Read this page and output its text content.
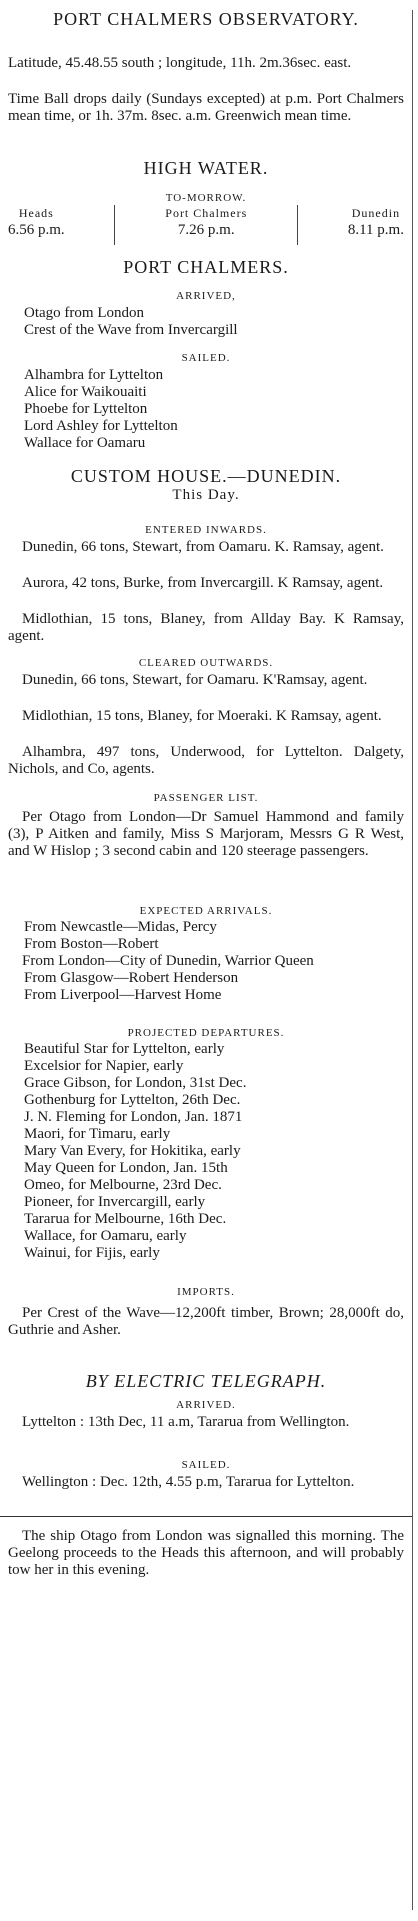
PORT CHALMERS OBSERVATORY.
Latitude, 45.48.55 south ; longitude, 11h. 2m.36sec. east.
Time Ball drops daily (Sundays excepted) at p.m. Port Chalmers mean time, or 1h. 37m. 8sec. a.m. Greenwich mean time.
HIGH WATER.
TO-MORROW.
Heads
6.56 p.m.
Port Chalmers
7.26 p.m.
Dunedin
8.11 p.m.
PORT CHALMERS.
ARRIVED,
Otago from London
Crest of the Wave from Invercargill
SAILED.
Alhambra for Lyttelton
Alice for Waikouaiti
Phoebe for Lyttelton
Lord Ashley for Lyttelton
Wallace for Oamaru
CUSTOM HOUSE.—DUNEDIN.
This Day.
ENTERED INWARDS.
Dunedin, 66 tons, Stewart, from Oamaru. K. Ramsay, agent.
Aurora, 42 tons, Burke, from Invercargill. K Ramsay, agent.
Midlothian, 15 tons, Blaney, from Allday Bay. K Ramsay, agent.
CLEARED OUTWARDS.
Dunedin, 66 tons, Stewart, for Oamaru. K'Ramsay, agent.
Midlothian, 15 tons, Blaney, for Moeraki. K Ramsay, agent.
Alhambra, 497 tons, Underwood, for Lyttelton. Dalgety, Nichols, and Co, agents.
PASSENGER LIST.
Per Otago from London—Dr Samuel Hammond and family (3), P Aitken and family, Miss S Marjoram, Messrs G R West, and W Hislop ; 3 second cabin and 120 steerage passengers.
EXPECTED ARRIVALS.
From Newcastle—Midas, Percy
From Boston—Robert
From London—City of Dunedin, Warrior Queen
From Glasgow—Robert Henderson
From Liverpool—Harvest Home
PROJECTED DEPARTURES.
Beautiful Star for Lyttelton, early
Excelsior for Napier, early
Grace Gibson, for London, 31st Dec.
Gothenburg for Lyttelton, 26th Dec.
J. N. Fleming for London, Jan. 1871
Maori, for Timaru, early
Mary Van Every, for Hokitika, early
May Queen for London, Jan. 15th
Omeo, for Melbourne, 23rd Dec.
Pioneer, for Invercargill, early
Tararua for Melbourne, 16th Dec.
Wallace, for Oamaru, early
Wainui, for Fijis, early
IMPORTS.
Per Crest of the Wave—12,200ft timber, Brown; 28,000ft do, Guthrie and Asher.
BY ELECTRIC TELEGRAPH.
ARRIVED.
Lyttelton : 13th Dec, 11 a.m, Tararua from Wellington.
SAILED.
Wellington : Dec. 12th, 4.55 p.m, Tararua for Lyttelton.
The ship Otago from London was signalled this morning. The Geelong proceeds to the Heads this afternoon, and will probably tow her in this evening.
